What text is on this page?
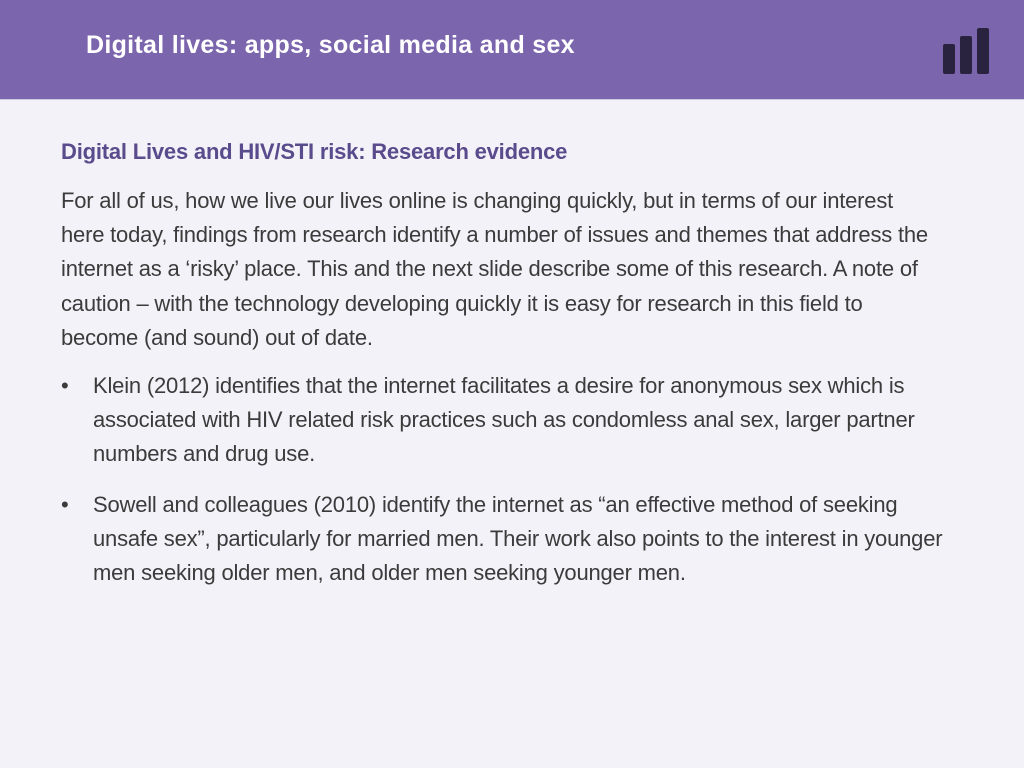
Digital lives: apps, social media and sex
Digital Lives and HIV/STI risk: Research evidence

For all of us, how we live our lives online is changing quickly, but in terms of our interest here today, findings from research identify a number of issues and themes that address the internet as a ‘risky’ place. This and the next slide describe some of this research. A note of caution – with the technology developing quickly it is easy for research in this field to become (and sound) out of date.

• Klein (2012) identifies that the internet facilitates a desire for anonymous sex which is associated with HIV related risk practices such as condomless anal sex, larger partner numbers and drug use.
• Sowell and colleagues (2010) identify the internet as “an effective method of seeking unsafe sex”, particularly for married men. Their work also points to the interest in younger men seeking older men, and older men seeking younger men.
